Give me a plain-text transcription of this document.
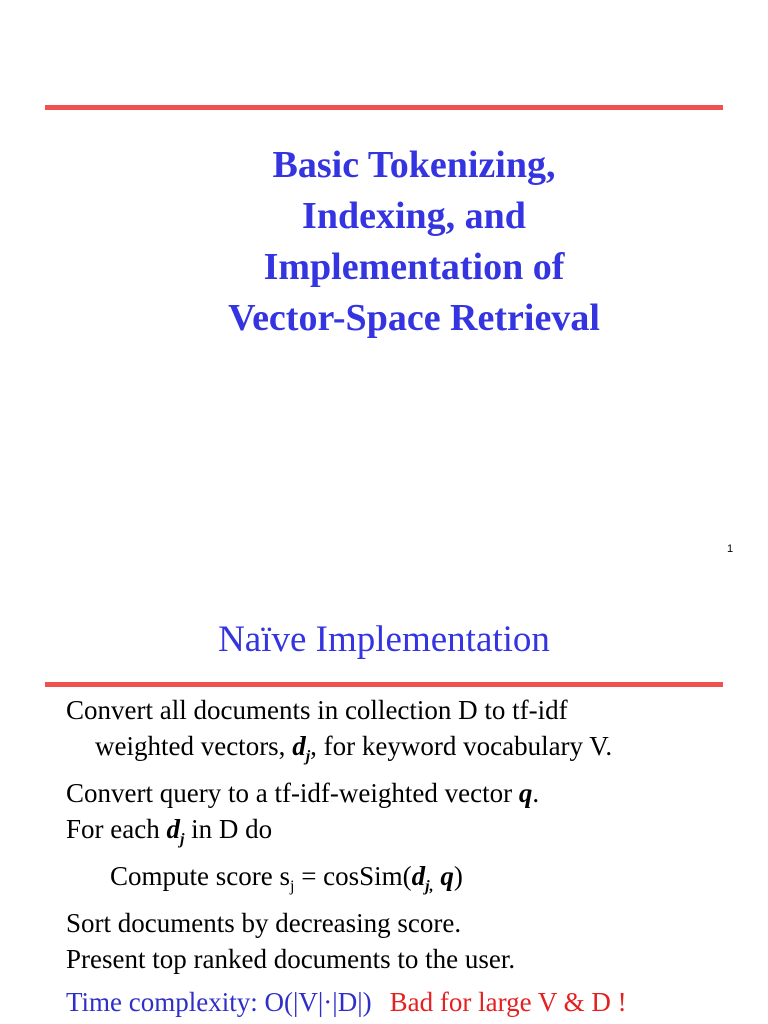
Basic Tokenizing,
Indexing, and
Implementation of
Vector-Space Retrieval
1
Naïve Implementation
Convert all documents in collection D to tf-idf
weighted vectors, $d_j$, for keyword vocabulary V.
Convert query to a tf-idf-weighted vector q.
For each $d_j$ in D do
Compute score $s_j$ = $cosSim(d_{j,}$ q)
Sort documents by decreasing score.
Present top ranked documents to the user.
Time complexity: O(|V|·|D|) Bad for large V & D !
